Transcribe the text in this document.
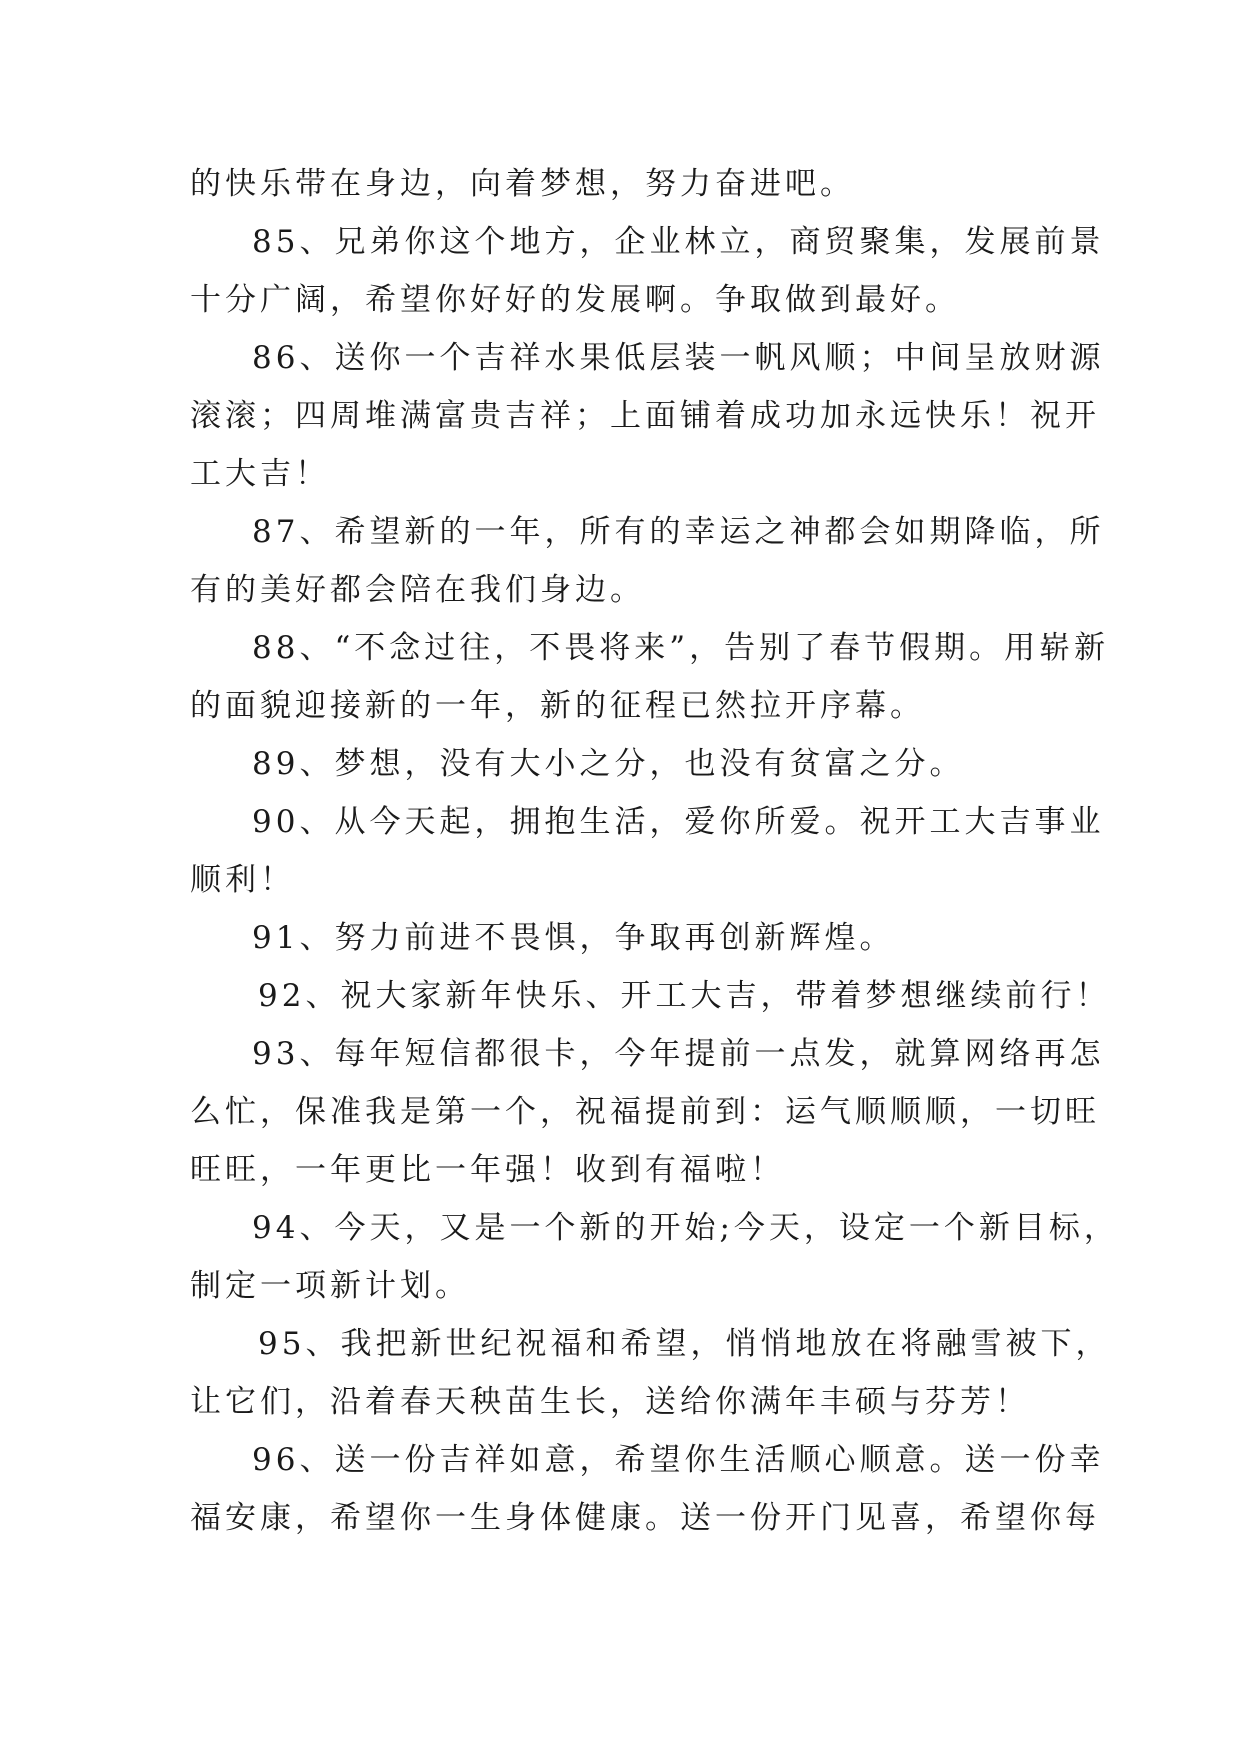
的快乐带在身边，向着梦想，努力奋进吧。
85、兄弟你这个地方，企业林立，商贸聚集，发展前景
十分广阔，希望你好好的发展啊。争取做到最好。
86、送你一个吉祥水果低层装一帆风顺；中间呈放财源
滚滚；四周堆满富贵吉祥；上面铺着成功加永远快乐！祝开
工大吉！
87、希望新的一年，所有的幸运之神都会如期降临，所
有的美好都会陪在我们身边。
88、“不念过往，不畏将来”，告别了春节假期。用崭新
的面貌迎接新的一年，新的征程已然拉开序幕。
89、梦想，没有大小之分，也没有贫富之分。
90、从今天起，拥抱生活，爱你所爱。祝开工大吉事业
顺利！
91、努力前进不畏惧，争取再创新辉煌。
92、祝大家新年快乐、开工大吉，带着梦想继续前行！
93、每年短信都很卡，今年提前一点发，就算网络再怎
么忙，保准我是第一个，祝福提前到：运气顺顺顺，一切旺
旺旺，一年更比一年强！收到有福啦！
94、今天，又是一个新的开始;今天，设定一个新目标，
制定一项新计划。
95、我把新世纪祝福和希望，悄悄地放在将融雪被下，
让它们，沿着春天秧苗生长，送给你满年丰硕与芬芳！
96、送一份吉祥如意，希望你生活顺心顺意。送一份幸
福安康，希望你一生身体健康。送一份开门见喜，希望你每
